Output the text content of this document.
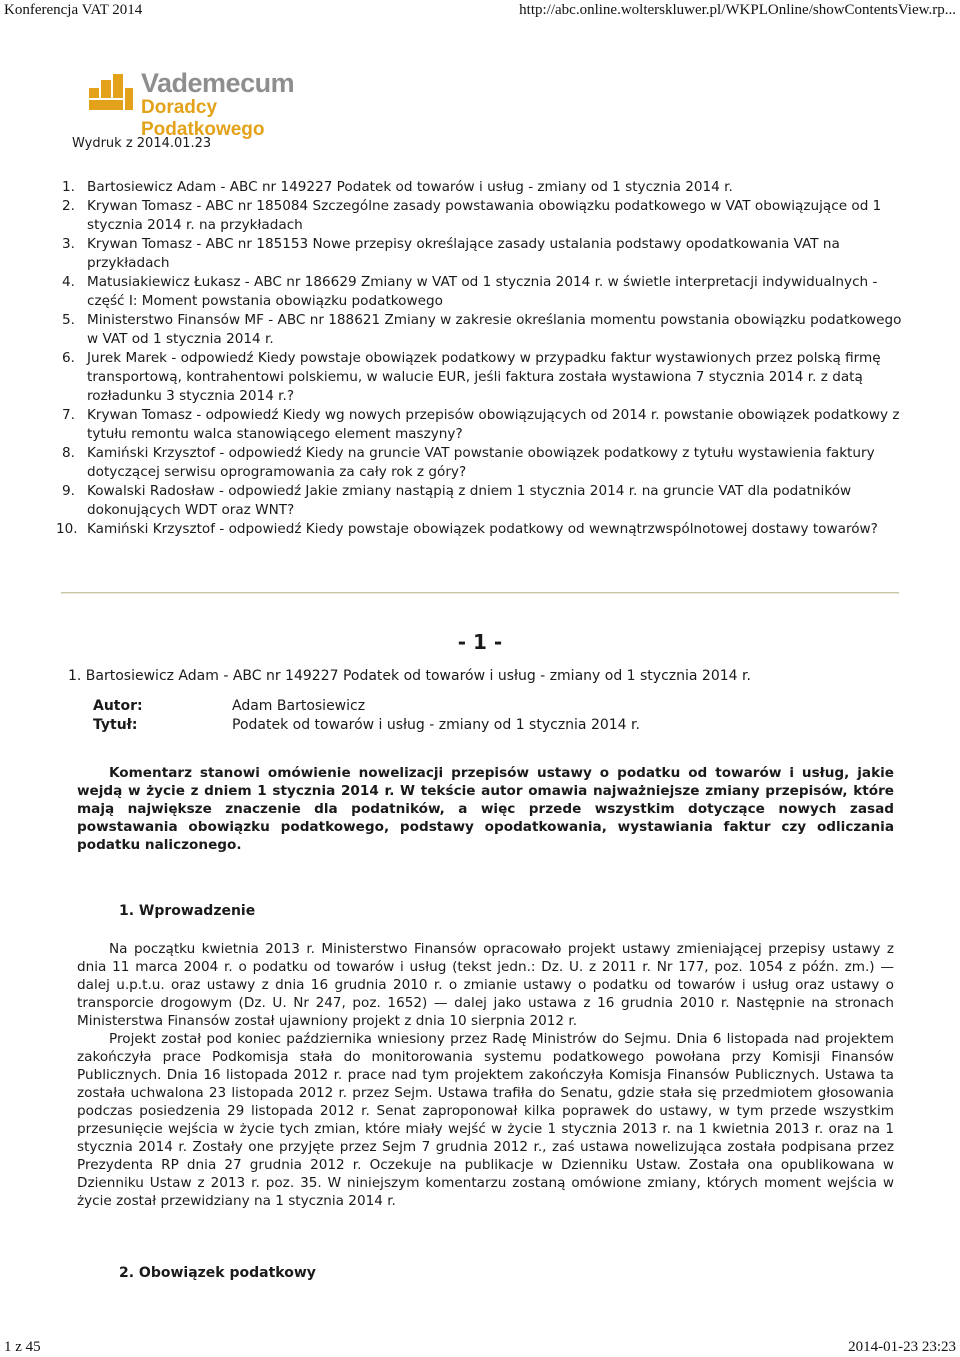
Konferencja VAT 2014	http://abc.online.wolterskluwer.pl/WKPLOnline/showContentsView.rp...
Vademecum
Doradcy Podatkowego
Wydruk z 2014.01.23
1. Bartosiewicz Adam - ABC nr 149227 Podatek od towarów i usług - zmiany od 1 stycznia 2014 r.
2. Krywan Tomasz - ABC nr 185084 Szczególne zasady powstawania obowiązku podatkowego w VAT obowiązujące od 1 stycznia 2014 r. na przykładach
3. Krywan Tomasz - ABC nr 185153 Nowe przepisy określające zasady ustalania podstawy opodatkowania VAT na przykładach
4. Matusiakiewicz Łukasz - ABC nr 186629 Zmiany w VAT od 1 stycznia 2014 r. w świetle interpretacji indywidualnych - część I: Moment powstania obowiązku podatkowego
5. Ministerstwo Finansów MF - ABC nr 188621 Zmiany w zakresie określania momentu powstania obowiązku podatkowego w VAT od 1 stycznia 2014 r.
6. Jurek Marek - odpowiedź Kiedy powstaje obowiązek podatkowy w przypadku faktur wystawionych przez polską firmę transportową, kontrahentowi polskiemu, w walucie EUR, jeśli faktura została wystawiona 7 stycznia 2014 r. z datą rozładunku 3 stycznia 2014 r.?
7. Krywan Tomasz - odpowiedź Kiedy wg nowych przepisów obowiązujących od 2014 r. powstanie obowiązek podatkowy z tytułu remontu walca stanowiącego element maszyny?
8. Kamiński Krzysztof - odpowiedź Kiedy na gruncie VAT powstanie obowiązek podatkowy z tytułu wystawienia faktury dotyczącej serwisu oprogramowania za cały rok z góry?
9. Kowalski Radosław - odpowiedź Jakie zmiany nastąpią z dniem 1 stycznia 2014 r. na gruncie VAT dla podatników dokonujących WDT oraz WNT?
10. Kamiński Krzysztof - odpowiedź Kiedy powstaje obowiązek podatkowy od wewnątrzwspólnotowej dostawy towarów?
- 1 -
1. Bartosiewicz Adam - ABC nr 149227 Podatek od towarów i usług - zmiany od 1 stycznia 2014 r.
Autor:	Adam Bartosiewicz
Tytuł:	Podatek od towarów i usług - zmiany od 1 stycznia 2014 r.

Komentarz stanowi omówienie nowelizacji przepisów ustawy o podatku od towarów i usług, jakie wejdą w życie z dniem 1 stycznia 2014 r. W tekście autor omawia najważniejsze zmiany przepisów, które mają największe znaczenie dla podatników, a więc przede wszystkim dotyczące nowych zasad powstawania obowiązku podatkowego, podstawy opodatkowania, wystawiania faktur czy odliczania podatku naliczonego.

1. Wprowadzenie

Na początku kwietnia 2013 r. Ministerstwo Finansów opracowało projekt ustawy zmieniającej przepisy ustawy z dnia 11 marca 2004 r. o podatku od towarów i usług (tekst jedn.: Dz. U. z 2011 r. Nr 177, poz. 1054 z późn. zm.) — dalej u.p.t.u. oraz ustawy z dnia 16 grudnia 2010 r. o zmianie ustawy o podatku od towarów i usług oraz ustawy o transporcie drogowym (Dz. U. Nr 247, poz. 1652) — dalej jako ustawa z 16 grudnia 2010 r. Następnie na stronach Ministerstwa Finansów został ujawniony projekt z dnia 10 sierpnia 2012 r.

Projekt został pod koniec października wniesiony przez Radę Ministrów do Sejmu. Dnia 6 listopada nad projektem zakończyła prace Podkomisja stała do monitorowania systemu podatkowego powołana przy Komisji Finansów Publicznych. Dnia 16 listopada 2012 r. prace nad tym projektem zakończyła Komisja Finansów Publicznych. Ustawa ta została uchwalona 23 listopada 2012 r. przez Sejm. Ustawa trafiła do Senatu, gdzie stała się przedmiotem głosowania podczas posiedzenia 29 listopada 2012 r. Senat zaproponował kilka poprawek do ustawy, w tym przede wszystkim przesunięcie wejścia w życie tych zmian, które miały wejść w życie 1 stycznia 2013 r. na 1 kwietnia 2013 r. oraz na 1 stycznia 2014 r. Zostały one przyjęte przez Sejm 7 grudnia 2012 r., zaś ustawa nowelizująca została podpisana przez Prezydenta RP dnia 27 grudnia 2012 r. Oczekuje na publikacje w Dzienniku Ustaw. Została ona opublikowana w Dzienniku Ustaw z 2013 r. poz. 35. W niniejszym komentarzu zostaną omówione zmiany, których moment wejścia w życie został przewidziany na 1 stycznia 2014 r.

2. Obowiązek podatkowy
1 z 45	2014-01-23 23:23
